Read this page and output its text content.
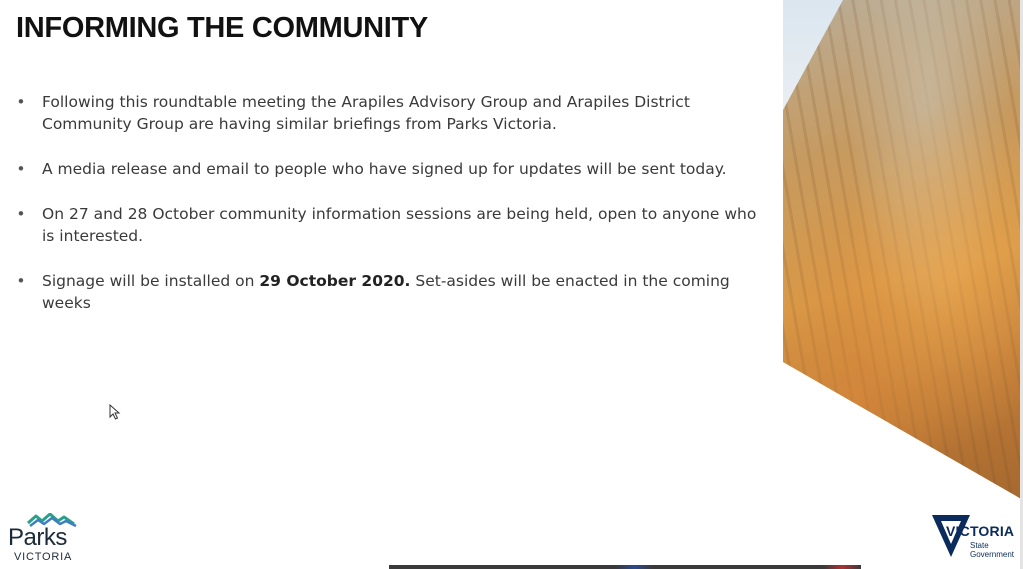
INFORMING THE COMMUNITY
• Following this roundtable meeting the Arapiles Advisory Group and Arapiles District Community Group are having similar briefings from Parks Victoria.
• A media release and email to people who have signed up for updates will be sent today.
• On 27 and 28 October community information sessions are being held, open to anyone who is interested.
• Signage will be installed on 29 October 2020. Set-asides will be enacted in the coming weeks
Parks
VICTORIA
VICTORIA
State
Government
